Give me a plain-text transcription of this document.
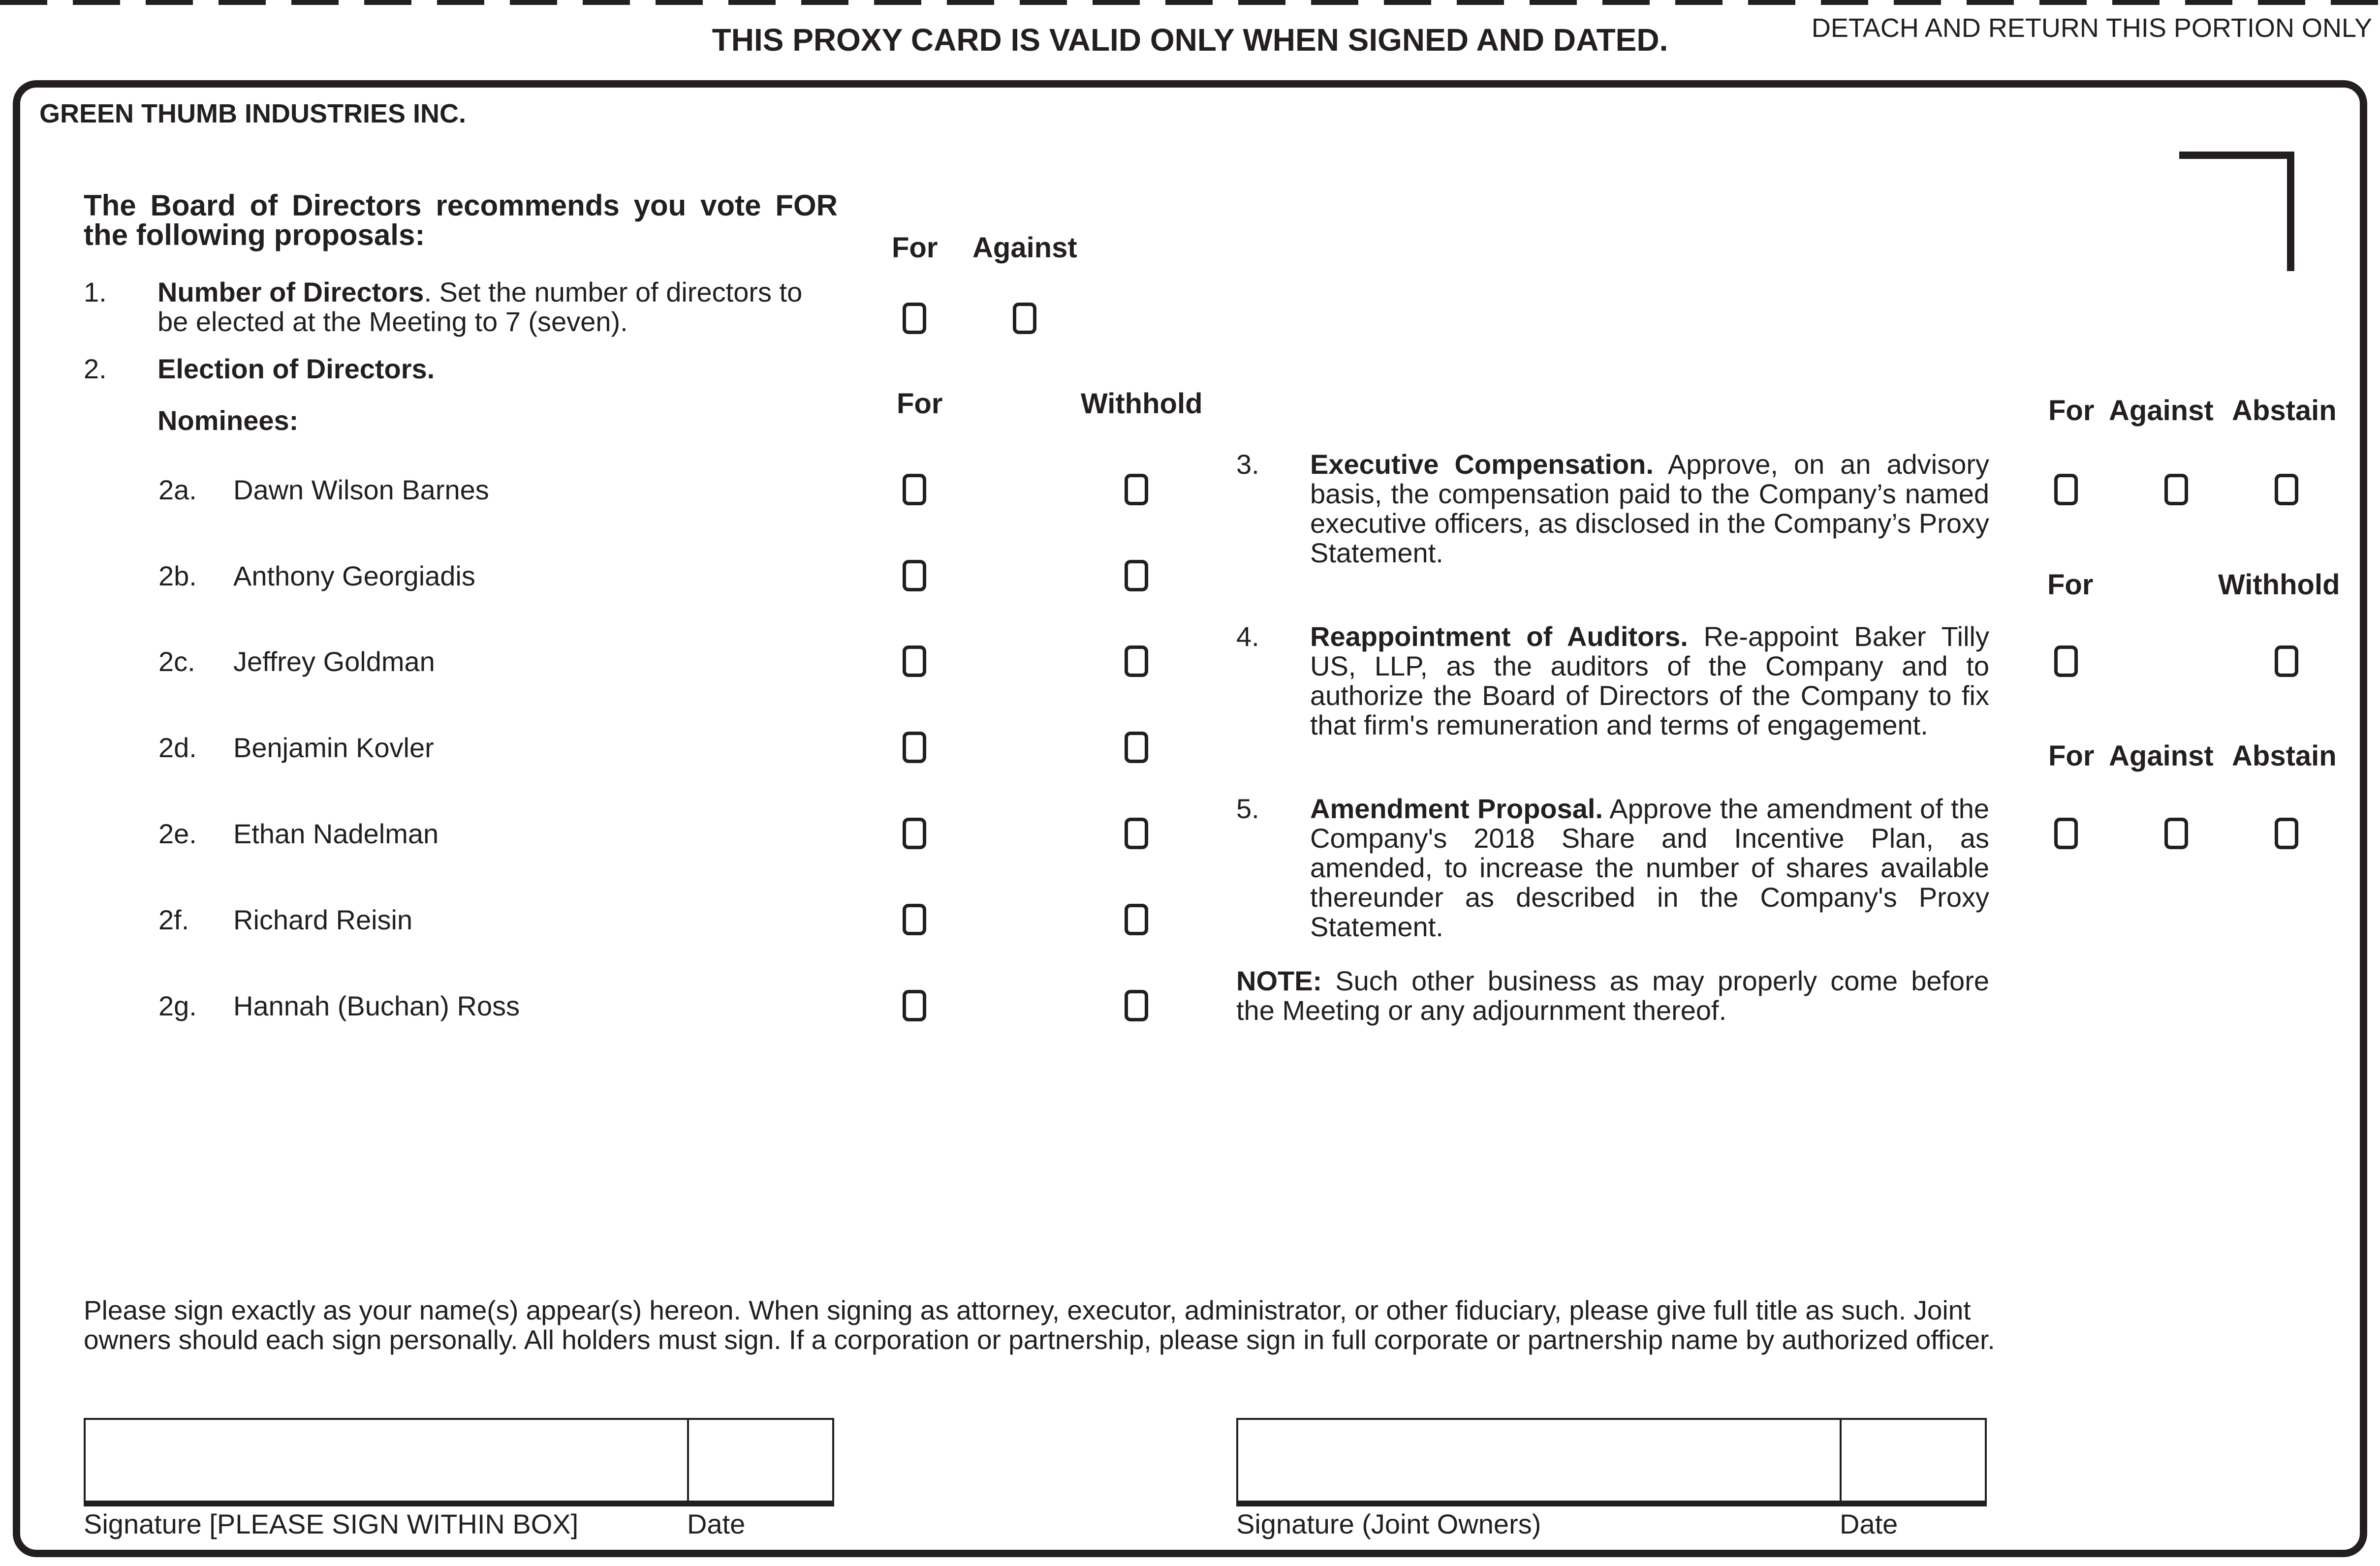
THIS PROXY CARD IS VALID ONLY WHEN SIGNED AND DATED.	DETACH AND RETURN THIS PORTION ONLY
GREEN THUMB INDUSTRIES INC.
The Board of Directors recommends you vote FOR the following proposals:	For Against
1. Number of Directors. Set the number of directors to be elected at the Meeting to 7 (seven).
2. Election of Directors.
Nominees:
For	Withhold
2a. Dawn Wilson Barnes
2b. Anthony Georgiadis
2c. Jeffrey Goldman
2d. Benjamin Kovler
2e. Ethan Nadelman
2f. Richard Reisin
2g. Hannah (Buchan) Ross
For Against Abstain
3. Executive Compensation. Approve, on an advisory basis, the compensation paid to the Company’s named executive officers, as disclosed in the Company’s Proxy Statement.
For	Withhold
4. Reappointment of Auditors. Re-appoint Baker Tilly US, LLP, as the auditors of the Company and to authorize the Board of Directors of the Company to fix that firm's remuneration and terms of engagement.
For Against Abstain
5. Amendment Proposal. Approve the amendment of the Company's 2018 Share and Incentive Plan, as amended, to increase the number of shares available thereunder as described in the Company's Proxy Statement.
NOTE: Such other business as may properly come before the Meeting or any adjournment thereof.
Please sign exactly as your name(s) appear(s) hereon. When signing as attorney, executor, administrator, or other fiduciary, please give full title as such. Joint owners should each sign personally. All holders must sign. If a corporation or partnership, please sign in full corporate or partnership name by authorized officer.
Signature [PLEASE SIGN WITHIN BOX]	Date	Signature (Joint Owners)	Date
